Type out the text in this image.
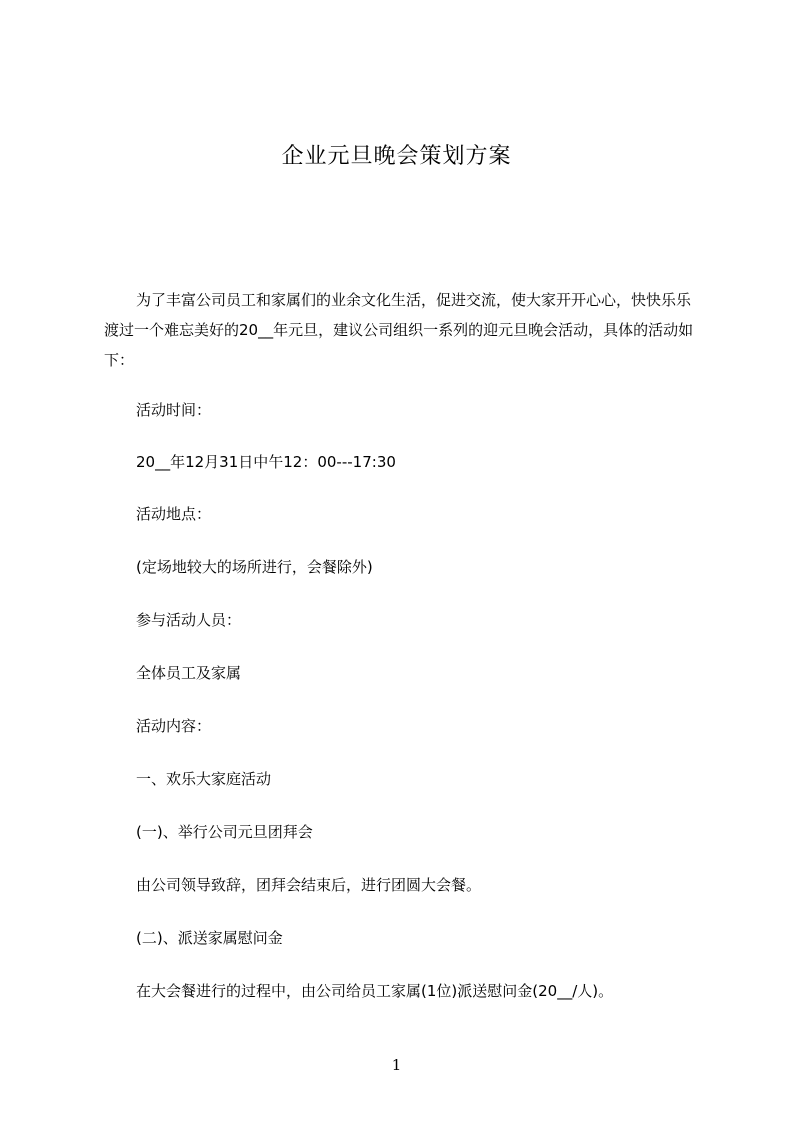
企业元旦晚会策划方案
为了丰富公司员工和家属们的业余文化生活，促进交流，使大家开开心心，快快乐乐渡过一个难忘美好的20__年元旦，建议公司组织一系列的迎元旦晚会活动，具体的活动如下：
活动时间：
20__年12月31日中午12：00---17:30
活动地点：
(定场地较大的场所进行，会餐除外)
参与活动人员：
全体员工及家属
活动内容：
一、欢乐大家庭活动
(一)、举行公司元旦团拜会
由公司领导致辞，团拜会结束后，进行团圆大会餐。
(二)、派送家属慰问金
在大会餐进行的过程中，由公司给员工家属(1位)派送慰问金(20__/人)。
1
